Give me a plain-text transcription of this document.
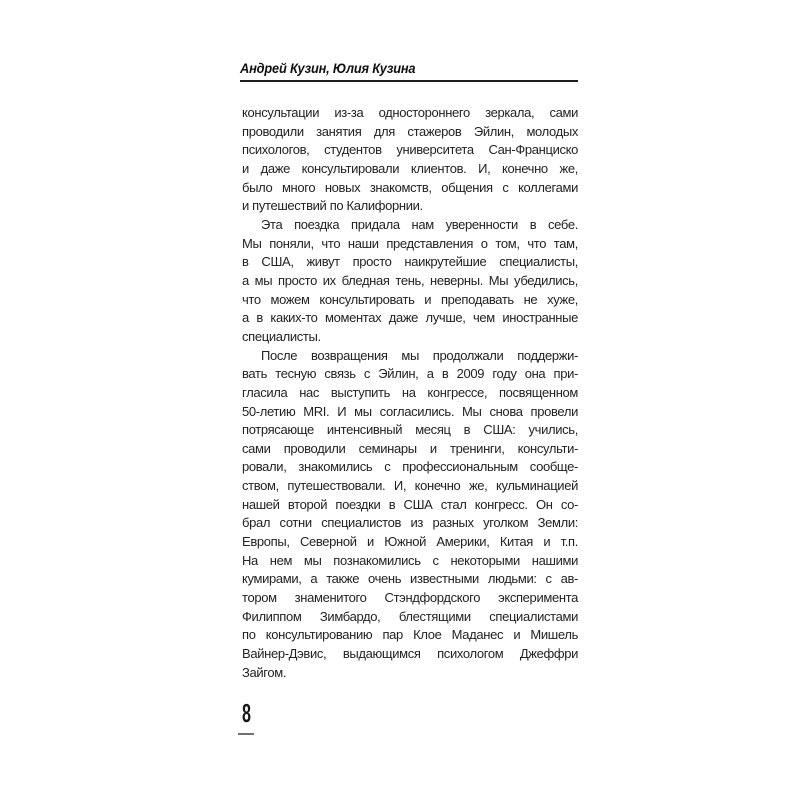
Андрей Кузин, Юлия Кузина
консультации из-за одностороннего зеркала, сами
проводили занятия для стажеров Эйлин, молодых
психологов, студентов университета Сан-Франциско
и даже консультировали клиентов. И, конечно же,
было много новых знакомств, общения с коллегами
и путешествий по Калифорнии.
Эта поездка придала нам уверенности в себе.
Мы поняли, что наши представления о том, что там,
в США, живут просто наикрутейшие специалисты,
а мы просто их бледная тень, неверны. Мы убедились,
что можем консультировать и преподавать не хуже,
а в каких-то моментах даже лучше, чем иностранные
специалисты.
После возвращения мы продолжали поддержи-
вать тесную связь с Эйлин, а в 2009 году она при-
гласила нас выступить на конгрессе, посвященном
50-летию MRI. И мы согласились. Мы снова провели
потрясающе интенсивный месяц в США: учились,
сами проводили семинары и тренинги, консульти-
ровали, знакомились с профессиональным сообще-
ством, путешествовали. И, конечно же, кульминацией
нашей второй поездки в США стал конгресс. Он со-
брал сотни специалистов из разных уголком Земли:
Европы, Северной и Южной Америки, Китая и т.п.
На нем мы познакомились с некоторыми нашими
кумирами, а также очень известными людьми: с ав-
тором знаменитого Стэндфордского эксперимента
Филиппом Зимбардо, блестящими специалистами
по консультированию пар Клое Маданес и Мишель
Вайнер-Дэвис, выдающимся психологом Джеффри
Зайгом.
8
